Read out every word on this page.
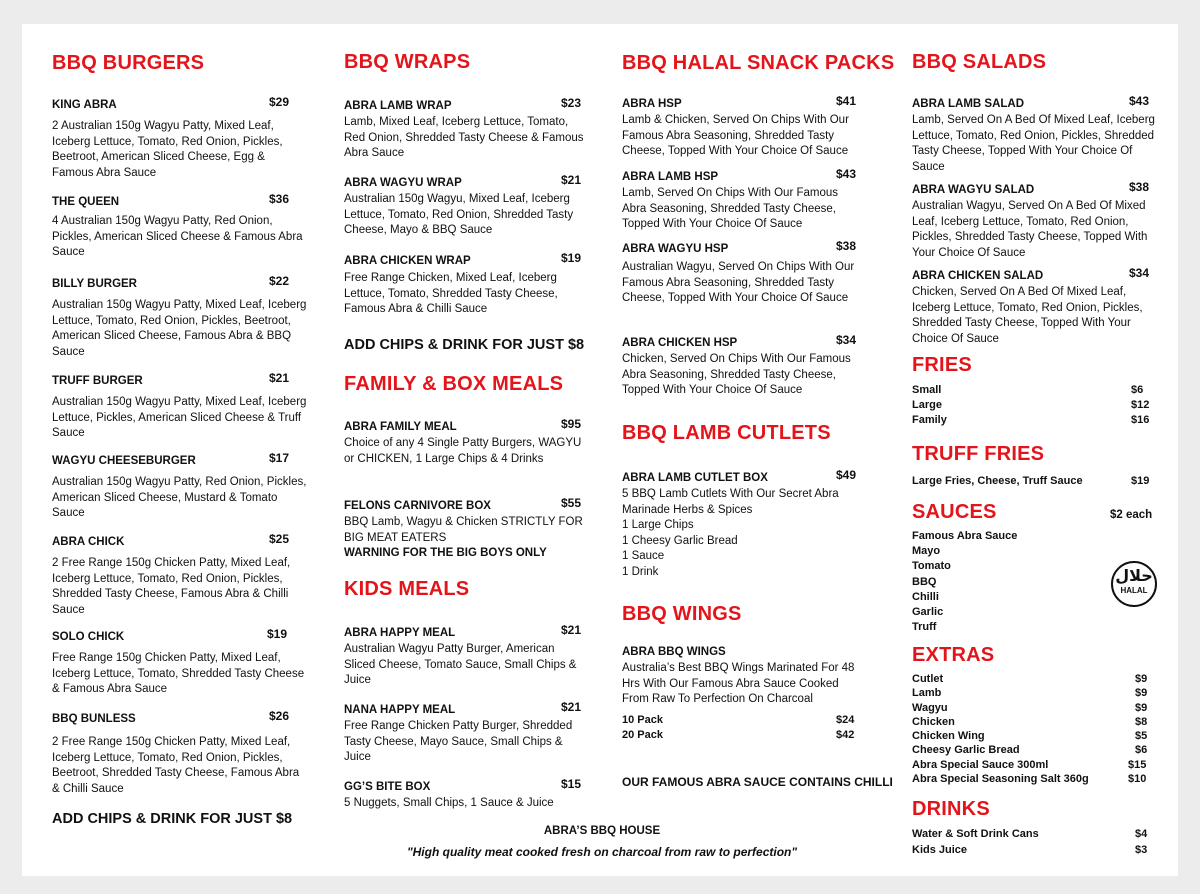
BBQ BURGERS
KING ABRA	$29
2 Australian 150g Wagyu Patty, Mixed Leaf, Iceberg Lettuce, Tomato, Red Onion, Pickles, Beetroot, American Sliced Cheese, Egg & Famous Abra Sauce
THE QUEEN	$36
4 Australian 150g Wagyu Patty, Red Onion, Pickles, American Sliced Cheese & Famous Abra Sauce
BILLY BURGER	$22
Australian 150g Wagyu Patty, Mixed Leaf, Iceberg Lettuce, Tomato, Red Onion, Pickles, Beetroot, American Sliced Cheese, Famous Abra & BBQ Sauce
TRUFF BURGER	$21
Australian 150g Wagyu Patty, Mixed Leaf, Iceberg Lettuce, Pickles, American Sliced Cheese & Truff Sauce
WAGYU CHEESEBURGER	$17
Australian 150g Wagyu Patty, Red Onion, Pickles, American Sliced Cheese, Mustard & Tomato Sauce
ABRA CHICK	$25
2 Free Range 150g Chicken Patty, Mixed Leaf, Iceberg Lettuce, Tomato, Red Onion, Pickles, Shredded Tasty Cheese, Famous Abra & Chilli Sauce
SOLO CHICK	$19
Free Range 150g Chicken Patty, Mixed Leaf, Iceberg Lettuce, Tomato, Shredded Tasty Cheese & Famous Abra Sauce
BBQ BUNLESS	$26
2 Free Range 150g Chicken Patty, Mixed Leaf, Iceberg Lettuce, Tomato, Red Onion, Pickles, Beetroot, Shredded Tasty Cheese, Famous Abra & Chilli Sauce
ADD CHIPS & DRINK FOR JUST $8
BBQ WRAPS
ABRA LAMB WRAP	$23
Lamb, Mixed Leaf, Iceberg Lettuce, Tomato, Red Onion, Shredded Tasty Cheese & Famous Abra Sauce
ABRA WAGYU WRAP	$21
Australian 150g Wagyu, Mixed Leaf, Iceberg Lettuce, Tomato, Red Onion, Shredded Tasty Cheese, Mayo & BBQ Sauce
ABRA CHICKEN WRAP	$19
Free Range Chicken, Mixed Leaf, Iceberg Lettuce, Tomato, Shredded Tasty Cheese, Famous Abra & Chilli Sauce
ADD CHIPS & DRINK FOR JUST $8
FAMILY & BOX MEALS
ABRA FAMILY MEAL	$95
Choice of any 4 Single Patty Burgers, WAGYU or CHICKEN, 1 Large Chips & 4 Drinks
FELONS CARNIVORE BOX	$55
BBQ Lamb, Wagyu & Chicken STRICTLY FOR BIG MEAT EATERS
WARNING FOR THE BIG BOYS ONLY
KIDS MEALS
ABRA HAPPY MEAL	$21
Australian Wagyu Patty Burger, American Sliced Cheese, Tomato Sauce, Small Chips & Juice
NANA HAPPY MEAL	$21
Free Range Chicken Patty Burger, Shredded Tasty Cheese, Mayo Sauce, Small Chips & Juice
GG’S BITE BOX	$15
5 Nuggets, Small Chips, 1 Sauce & Juice
BBQ HALAL SNACK PACKS
ABRA HSP	$41
Lamb & Chicken, Served On Chips With Our Famous Abra Seasoning, Shredded Tasty Cheese, Topped With Your Choice Of Sauce
ABRA LAMB HSP	$43
Lamb, Served On Chips With Our Famous Abra Seasoning, Shredded Tasty Cheese, Topped With Your Choice Of Sauce
ABRA WAGYU HSP	$38
Australian Wagyu, Served On Chips With Our Famous Abra Seasoning, Shredded Tasty Cheese, Topped With Your Choice Of Sauce
ABRA CHICKEN HSP	$34
Chicken, Served On Chips With Our Famous Abra Seasoning, Shredded Tasty Cheese, Topped With Your Choice Of Sauce
BBQ LAMB CUTLETS
ABRA LAMB CUTLET BOX	$49
5 BBQ Lamb Cutlets With Our Secret Abra Marinade Herbs & Spices
1 Large Chips
1 Cheesy Garlic Bread
1 Sauce
1 Drink
BBQ WINGS
ABRA BBQ WINGS
Australia’s Best BBQ Wings Marinated For 48 Hrs With Our Famous Abra Sauce Cooked From Raw To Perfection On Charcoal
10 Pack	$24
20 Pack	$42
OUR FAMOUS ABRA SAUCE CONTAINS CHILLI
BBQ SALADS
ABRA LAMB SALAD	$43
Lamb, Served On A Bed Of Mixed Leaf, Iceberg Lettuce, Tomato, Red Onion, Pickles, Shredded Tasty Cheese, Topped With Your Choice Of Sauce
ABRA WAGYU SALAD	$38
Australian Wagyu, Served On A Bed Of Mixed Leaf, Iceberg Lettuce, Tomato, Red Onion, Pickles, Shredded Tasty Cheese, Topped With Your Choice Of Sauce
ABRA CHICKEN SALAD	$34
Chicken, Served On A Bed Of Mixed Leaf, Iceberg Lettuce, Tomato, Red Onion, Pickles, Shredded Tasty Cheese, Topped With Your Choice Of Sauce
FRIES
Small	$6
Large	$12
Family	$16
TRUFF FRIES
Large Fries, Cheese, Truff Sauce	$19
SAUCES	$2 each
Famous Abra Sauce
Mayo
Tomato
BBQ
Chilli
Garlic
Truff
حلال
HALAL
EXTRAS
Cutlet	$9
Lamb	$9
Wagyu	$9
Chicken	$8
Chicken Wing	$5
Cheesy Garlic Bread	$6
Abra Special Sauce 300ml	$15
Abra Special Seasoning Salt 360g	$10
DRINKS
Water & Soft Drink Cans	$4
Kids Juice	$3
ABRA’S BBQ HOUSE
"High quality meat cooked fresh on charcoal from raw to perfection"
